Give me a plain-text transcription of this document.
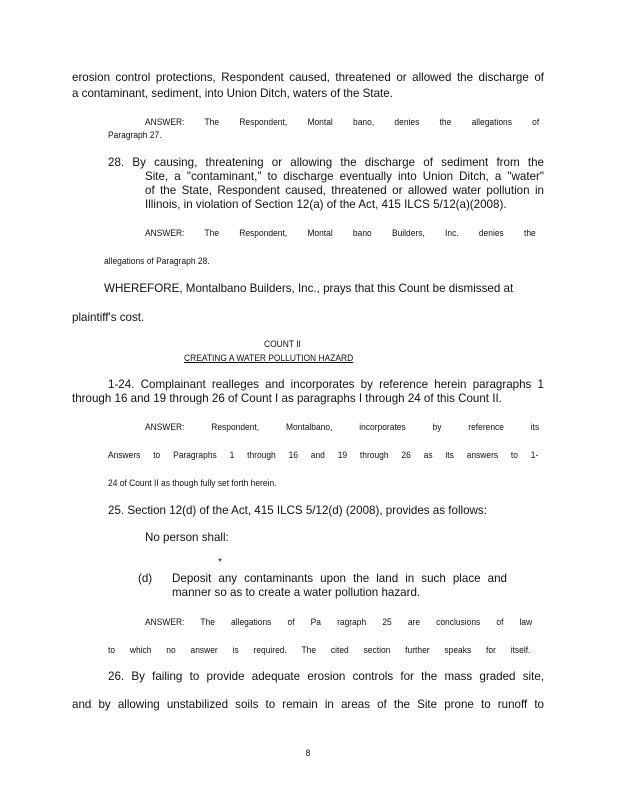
erosion control protections, Respondent caused, threatened or allowed the discharge of
a contaminant, sediment, into Union Ditch, waters of the State.
ANSWER: The Respondent, Montal bano, denies the allegations of
Paragraph 27.
28. By causing, threatening or allowing the discharge of sediment from the
Site, a "contaminant," to discharge eventually into Union Ditch, a "water"
of the State, Respondent caused, threatened or allowed water pollution in
Illinois, in violation of Section 12(a) of the Act, 415 ILCS 5/12(a)(2008).
ANSWER: The Respondent, Montal bano Builders, Inc. denies the
allegations of Paragraph 28.
WHEREFORE, Montalbano Builders, Inc., prays that this Count be dismissed at
plaintiff's cost.
COUNT II
CREATING A WATER POLLUTION HAZARD
1-24. Complainant realleges and incorporates by reference herein paragraphs 1
through 16 and 19 through 26 of Count I as paragraphs I through 24 of this Count II.
ANSWER: Respondent, Montalbano, incorporates by reference its
Answers to Paragraphs 1 through 16 and 19 through 26 as its answers to 1-
24 of Count II as though fully set forth herein.
25. Section 12(d) of the Act, 415 ILCS 5/12(d) (2008), provides as follows:
No person shall:
*
(d) Deposit any contaminants upon the land in such place and
manner so as to create a water pollution hazard.
ANSWER: The allegations of Pa ragraph 25 are conclusions of law
to which no answer is required. The cited section further speaks for itself.
26. By failing to provide adequate erosion controls for the mass graded site,
and by allowing unstabilized soils to remain in areas of the Site prone to runoff to
8
